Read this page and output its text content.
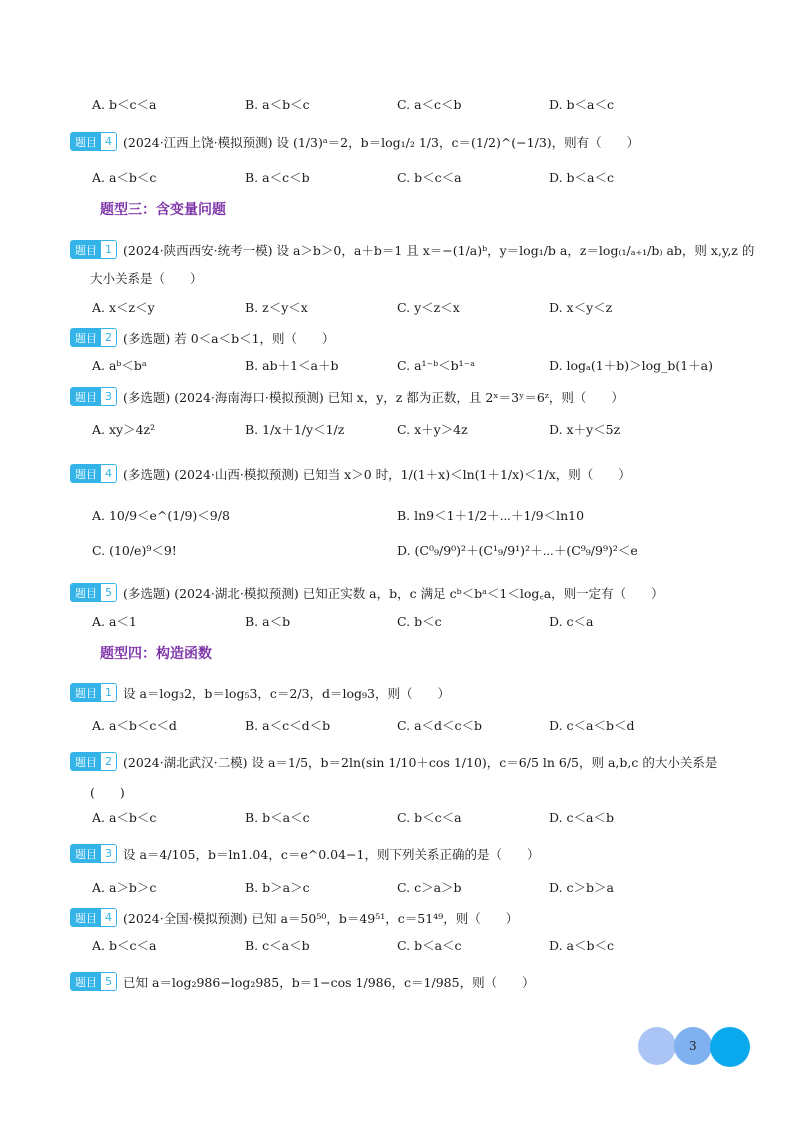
A. b＜c＜a	B. a＜b＜c	C. a＜c＜b	D. b＜a＜c
题目 4 (2024·江西上饶·模拟预测) 设 (1/3)ᵃ＝2，b＝log₁/₂ 1/3，c＝(1/2)^(−1/3)，则有（　　）
A. a＜b＜c	B. a＜c＜b	C. b＜c＜a	D. b＜a＜c
题型三：含变量问题
题目 1 (2024·陕西西安·统考一模) 设 a＞b＞0，a＋b＝1 且 x＝−(1/a)ᵇ，y＝log₁/b a，z＝log₍₁/ₐ₊₁/b₎ ab，则 x,y,z 的
大小关系是（　　）
A. x＜z＜y	B. z＜y＜x	C. y＜z＜x	D. x＜y＜z
题目 2 (多选题) 若 0＜a＜b＜1，则（　　）
A. aᵇ＜bᵃ	B. ab＋1＜a＋b	C. a¹⁻ᵇ＜b¹⁻ᵃ	D. logₐ(1＋b)＞log_b(1＋a)
题目 3 (多选题) (2024·海南海口·模拟预测) 已知 x，y，z 都为正数，且 2ˣ＝3ʸ＝6ᶻ，则（　　）
A. xy＞4z²	B. 1/x＋1/y＜1/z	C. x＋y＞4z	D. x＋y＜5z
题目 4 (多选题) (2024·山西·模拟预测) 已知当 x＞0 时，1/(1＋x)＜ln(1＋1/x)＜1/x，则（　　）
A. 10/9＜e^(1/9)＜9/8	B. ln9＜1＋1/2＋⋯＋1/9＜ln10
C. (10/e)⁹＜9!	D. (C⁰₉/9⁰)²＋(C¹₉/9¹)²＋⋯＋(C⁹₉/9⁹)²＜e
题目 5 (多选题) (2024·湖北·模拟预测) 已知正实数 a，b，c 满足 cᵇ＜bᵃ＜1＜log꜀a，则一定有（　　）
A. a＜1	B. a＜b	C. b＜c	D. c＜a
题型四：构造函数
题目 1 设 a＝log₃2，b＝log₅3，c＝2/3，d＝log₉3，则（　　）
A. a＜b＜c＜d	B. a＜c＜d＜b	C. a＜d＜c＜b	D. c＜a＜b＜d
题目 2 (2024·湖北武汉·二模) 设 a＝1/5，b＝2ln(sin 1/10＋cos 1/10)，c＝6/5 ln 6/5，则 a,b,c 的大小关系是
(　　)
A. a＜b＜c	B. b＜a＜c	C. b＜c＜a	D. c＜a＜b
题目 3 设 a＝4/105，b＝ln1.04，c＝e^0.04−1，则下列关系正确的是（　　）
A. a＞b＞c	B. b＞a＞c	C. c＞a＞b	D. c＞b＞a
题目 4 (2024·全国·模拟预测) 已知 a＝50⁵⁰，b＝49⁵¹，c＝51⁴⁹，则（　　）
A. b＜c＜a	B. c＜a＜b	C. b＜a＜c	D. a＜b＜c
题目 5 已知 a＝log₂986−log₂985，b＝1−cos 1/986，c＝1/985，则（　　）
3
